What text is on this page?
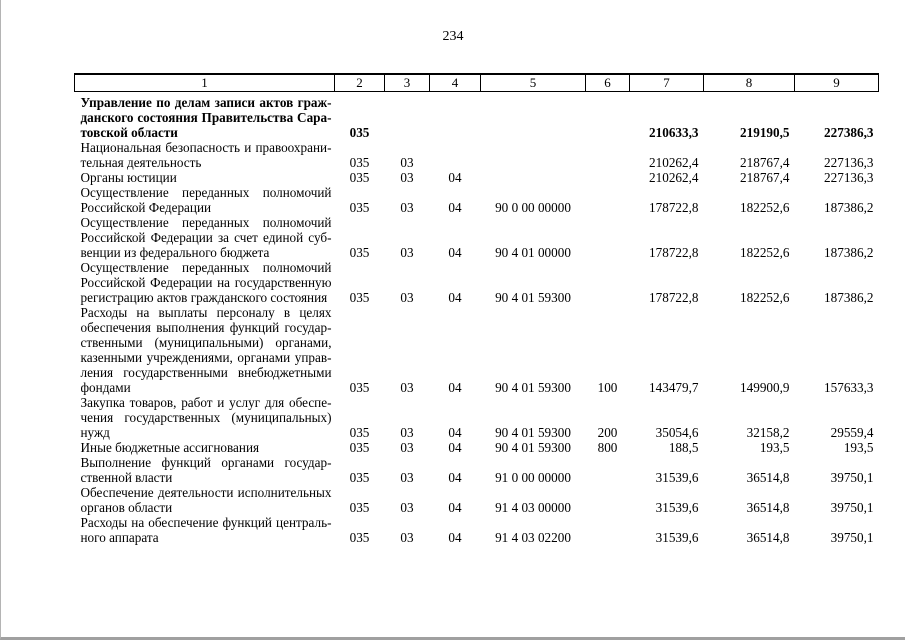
234
1	2	3	4	5	6	7	8	9
Управление по делам записи актов гражданского состояния Правительства Саратовской области	035					210633,3	219190,5	227386,3
Национальная безопасность и правоохранительная деятельность	035	03				210262,4	218767,4	227136,3
Органы юстиции	035	03	04			210262,4	218767,4	227136,3
Осуществление переданных полномочий Российской Федерации	035	03	04	90 0 00 00000		178722,8	182252,6	187386,2
Осуществление переданных полномочий Российской Федерации за счет единой субвенции из федерального бюджета	035	03	04	90 4 01 00000		178722,8	182252,6	187386,2
Осуществление переданных полномочий Российской Федерации на государственную регистрацию актов гражданского состояния	035	03	04	90 4 01 59300		178722,8	182252,6	187386,2
Расходы на выплаты персоналу в целях обеспечения выполнения функций государственными (муниципальными) органами, казенными учреждениями, органами управления государственными внебюджетными фондами	035	03	04	90 4 01 59300	100	143479,7	149900,9	157633,3
Закупка товаров, работ и услуг для обеспечения государственных (муниципальных) нужд	035	03	04	90 4 01 59300	200	35054,6	32158,2	29559,4
Иные бюджетные ассигнования	035	03	04	90 4 01 59300	800	188,5	193,5	193,5
Выполнение функций органами государственной власти	035	03	04	91 0 00 00000		31539,6	36514,8	39750,1
Обеспечение деятельности исполнительных органов области	035	03	04	91 4 03 00000		31539,6	36514,8	39750,1
Расходы на обеспечение функций центрального аппарата	035	03	04	91 4 03 02200		31539,6	36514,8	39750,1
